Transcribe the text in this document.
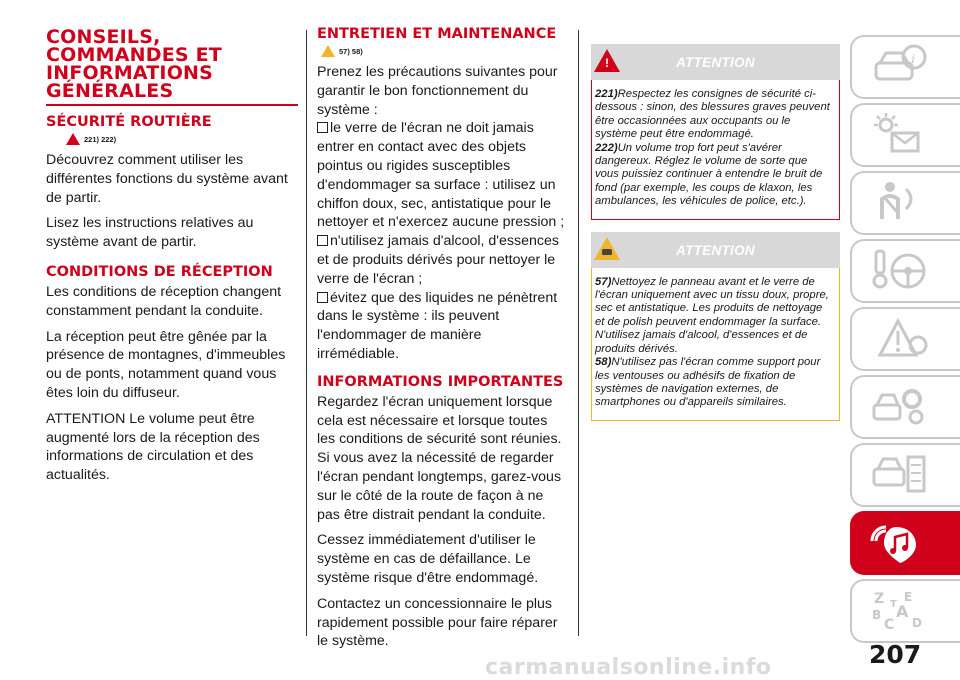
CONSEILS, COMMANDES ET INFORMATIONS GÉNÉRALES
SÉCURITÉ ROUTIÈRE
221) 222)

Découvrez comment utiliser les différentes fonctions du système avant de partir.

Lisez les instructions relatives au système avant de partir.

CONDITIONS DE RÉCEPTION

Les conditions de réception changent constamment pendant la conduite.

La réception peut être gênée par la présence de montagnes, d'immeubles ou de ponts, notamment quand vous êtes loin du diffuseur.

ATTENTION Le volume peut être augmenté lors de la réception des informations de circulation et des actualités.

ENTRETIEN ET MAINTENANCE
57) 58)

Prenez les précautions suivantes pour garantir le bon fonctionnement du système :

le verre de l'écran ne doit jamais entrer en contact avec des objets pointus ou rigides susceptibles d'endommager sa surface : utilisez un chiffon doux, sec, antistatique pour le nettoyer et n'exercez aucune pression ;

n'utilisez jamais d'alcool, d'essences et de produits dérivés pour nettoyer le verre de l'écran ;

évitez que des liquides ne pénètrent dans le système : ils peuvent l'endommager de manière irrémédiable.

INFORMATIONS IMPORTANTES

Regardez l'écran uniquement lorsque cela est nécessaire et lorsque toutes les conditions de sécurité sont réunies. Si vous avez la nécessité de regarder l'écran pendant longtemps, garez-vous sur le côté de la route de façon à ne pas être distrait pendant la conduite.

Cessez immédiatement d'utiliser le système en cas de défaillance. Le système risque d'être endommagé.

Contactez un concessionnaire le plus rapidement possible pour faire réparer le système.

!	ATTENTION

221)Respectez les consignes de sécurité ci-dessous : sinon, des blessures graves peuvent être occasionnées aux occupants ou le système peut être endommagé.

222)Un volume trop fort peut s'avérer dangereux. Réglez le volume de sorte que vous puissiez continuer à entendre le bruit de fond (par exemple, les coups de klaxon, les ambulances, les véhicules de police, etc.).

ATTENTION

57)Nettoyez le panneau avant et le verre de l'écran uniquement avec un tissu doux, propre, sec et antistatique. Les produits de nettoyage et de polish peuvent endommager la surface. N'utilisez jamais d'alcool, d'essences et de produits dérivés.

58)N'utilisez pas l'écran comme support pour les ventouses ou adhésifs de fixation de systèmes de navigation externes, de smartphones ou d'appareils similaires.

i
Z E
A
B
C D
T
207
carmanualsonline.info
